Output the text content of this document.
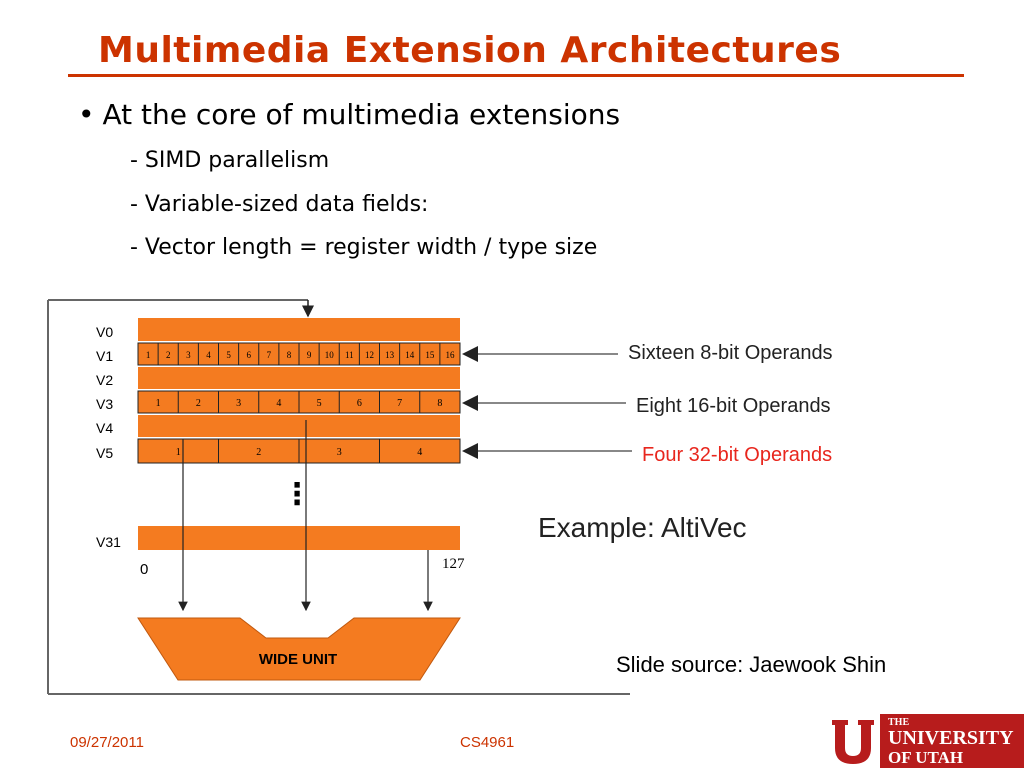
Multimedia Extension Architectures
• At the core of multimedia extensions
- SIMD parallelism
- Variable-sized data fields:
- Vector length = register width / type size
V0
V1
V2
V3
V4
V5
V31
1 2 3 4 5 6 7 8 9 10 11 12 13 14 15 16
1	2	3	4	5	6	7	8
1	2	3	4
⋮
0	127
Sixteen 8-bit Operands
Eight 16-bit Operands
Four 32-bit Operands
Example: AltiVec
WIDE UNIT	Slide source: Jaewook Shin
09/27/2011	CS4961
THE
UNIVERSITY
OF UTAH
